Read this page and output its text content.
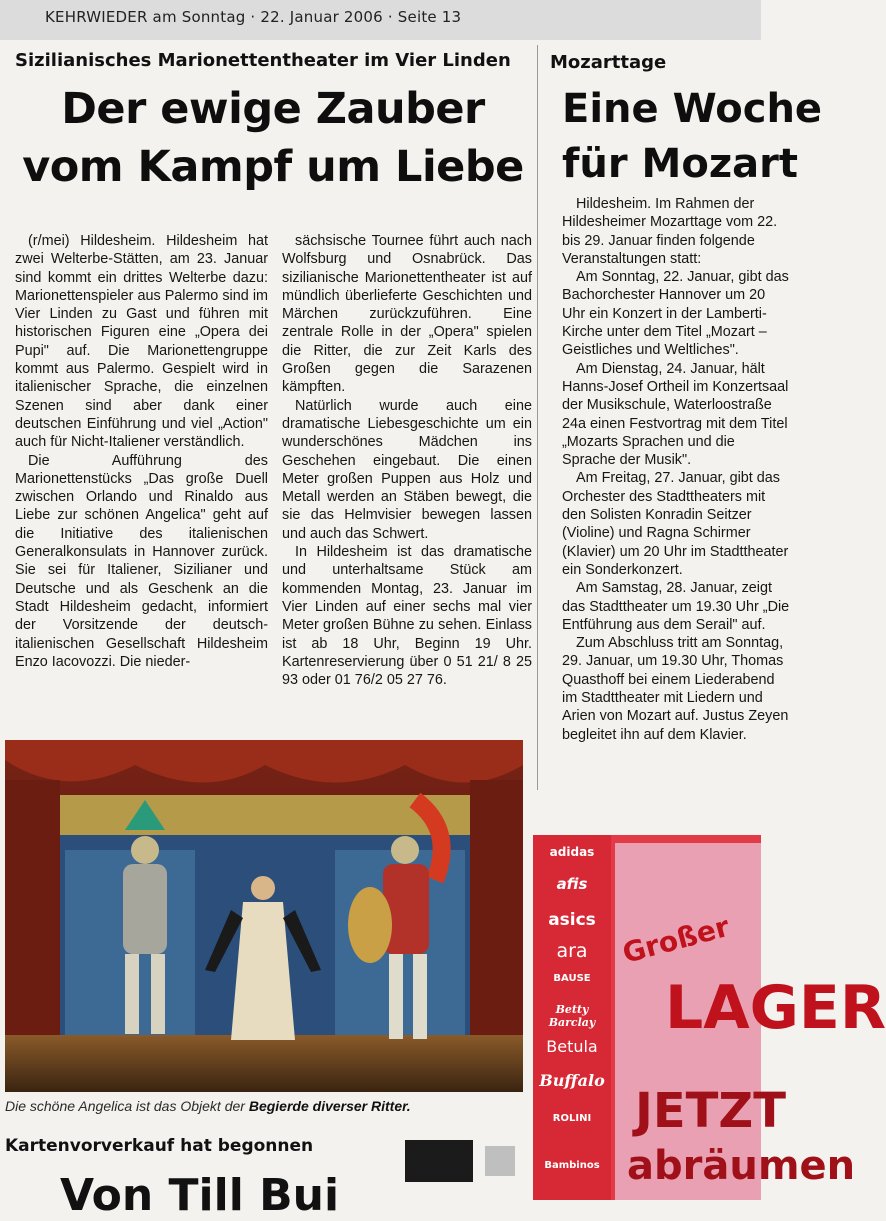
KEHRWIEDER am Sonntag · 22. Januar 2006 · Seite 13
Sizilianisches Marionettentheater im Vier Linden
Der ewige Zauber vom Kampf um Liebe

(r/mei) Hildesheim. Hildesheim hat zwei Welterbe-Stätten, am 23. Januar sind kommt ein drittes Welterbe dazu: Marionettenspieler aus Palermo sind im Vier Linden zu Gast und führen mit historischen Figuren eine „Opera dei Pupi" auf. Die Marionettengruppe kommt aus Palermo. Gespielt wird in italienischer Sprache, die einzelnen Szenen sind aber dank einer deutschen Einführung und viel „Action" auch für Nicht-Italiener verständlich.

Die Aufführung des Marionettenstücks „Das große Duell zwischen Orlando und Rinaldo aus Liebe zur schönen Angelica" geht auf die Initiative des italienischen Generalkonsulats in Hannover zurück. Sie sei für Italiener, Sizilianer und Deutsche und als Geschenk an die Stadt Hildesheim gedacht, informiert der Vorsitzende der deutsch-italienischen Gesellschaft Hildesheim Enzo Iacovozzi. Die nieder-

sächsische Tournee führt auch nach Wolfsburg und Osnabrück. Das sizilianische Marionettentheater ist auf mündlich überlieferte Geschichten und Märchen zurückzuführen. Eine zentrale Rolle in der „Opera" spielen die Ritter, die zur Zeit Karls des Großen gegen die Sarazenen kämpften.

Natürlich wurde auch eine dramatische Liebesgeschichte um ein wunderschönes Mädchen ins Geschehen eingebaut. Die einen Meter großen Puppen aus Holz und Metall werden an Stäben bewegt, die sie das Helmvisier bewegen lassen und auch das Schwert.

In Hildesheim ist das dramatische und unterhaltsame Stück am kommenden Montag, 23. Januar im Vier Linden auf einer sechs mal vier Meter großen Bühne zu sehen. Einlass ist ab 18 Uhr, Beginn 19 Uhr. Kartenreservierung über 0 51 21/ 8 25 93 oder 01 76/2 05 27 76.

Mozarttage
Eine Woche
für Mozart

Hildesheim. Im Rahmen der Hildesheimer Mozarttage vom 22. bis 29. Januar finden folgende Veranstaltungen statt:

Am Sonntag, 22. Januar, gibt das Bachorchester Hannover um 20 Uhr ein Konzert in der Lamberti-Kirche unter dem Titel „Mozart – Geistliches und Weltliches".

Am Dienstag, 24. Januar, hält Hanns-Josef Ortheil im Konzertsaal der Musikschule, Waterloostraße 24a einen Festvortrag mit dem Titel „Mozarts Sprachen und die Sprache der Musik".

Am Freitag, 27. Januar, gibt das Orchester des Stadttheaters mit den Solisten Konradin Seitzer (Violine) und Ragna Schirmer (Klavier) um 20 Uhr im Stadttheater ein Sonderkonzert.

Am Samstag, 28. Januar, zeigt das Stadttheater um 19.30 Uhr „Die Entführung aus dem Serail" auf.

Zum Abschluss tritt am Sonntag, 29. Januar, um 19.30 Uhr, Thomas Quasthoff bei einem Liederabend im Stadttheater mit Liedern und Arien von Mozart auf. Justus Zeyen begleitet ihn auf dem Klavier.

Die schöne Angelica ist das Objekt der Begierde diverser Ritter.
Kartenvorverkauf hat begonnen
Von Till Bui
adidas
afis
asics
ara
BAUSE
Betty Barclay
Betula
Buffalo
ROLINI
Bambinos
Großer
LAGER
JETZT
abräumen
